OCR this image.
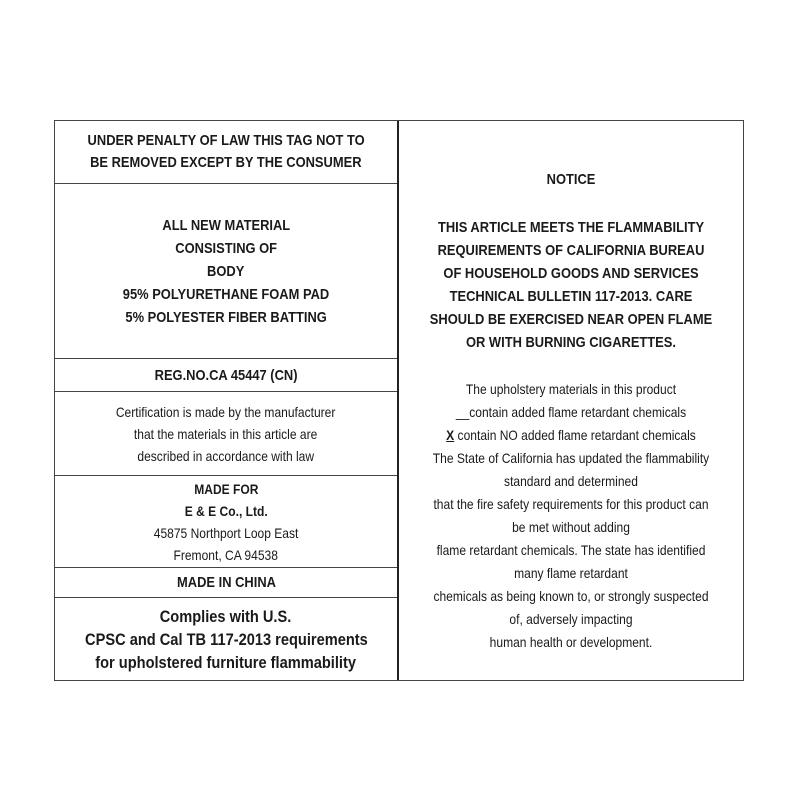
UNDER PENALTY OF LAW THIS TAG NOT TO
BE REMOVED EXCEPT BY THE CONSUMER
ALL NEW MATERIAL
CONSISTING OF
BODY
95% POLYURETHANE FOAM PAD
5% POLYESTER FIBER BATTING
REG.NO.CA 45447 (CN)
Certification is made by the manufacturer
that the materials in this article are
described in accordance with law
MADE FOR
E & E Co., Ltd.
45875 Northport Loop East
Fremont, CA 94538
MADE IN CHINA
Complies with U.S.
CPSC and Cal TB 117-2013 requirements
for upholstered furniture flammability
NOTICE
THIS ARTICLE MEETS THE FLAMMABILITY
REQUIREMENTS OF CALIFORNIA BUREAU
OF HOUSEHOLD GOODS AND SERVICES
TECHNICAL BULLETIN 117-2013. CARE
SHOULD BE EXERCISED NEAR OPEN FLAME
OR WITH BURNING CIGARETTES.
The upholstery materials in this product
__contain added flame retardant chemicals
X contain NO added flame retardant chemicals
The State of California has updated the flammability
standard and determined
that the fire safety requirements for this product can
be met without adding
flame retardant chemicals. The state has identified
many flame retardant
chemicals as being known to, or strongly suspected
of, adversely impacting
human health or development.
